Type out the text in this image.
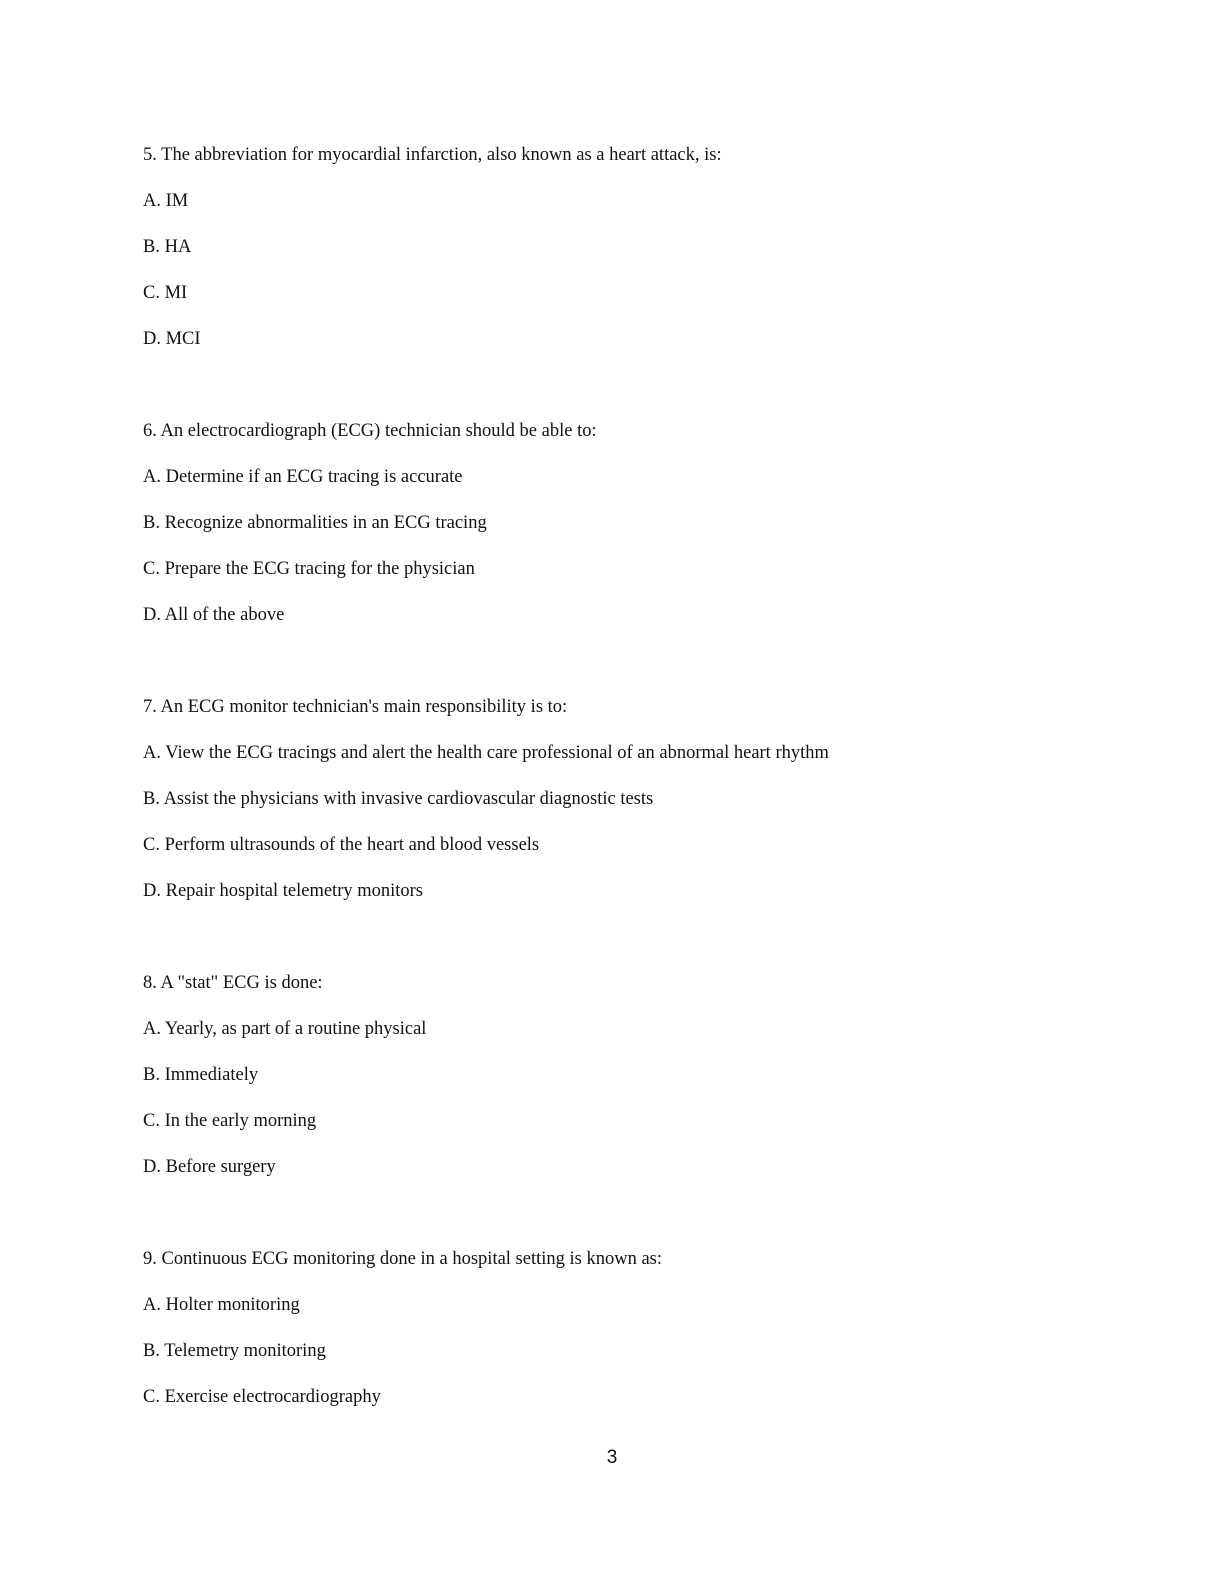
5. The abbreviation for myocardial infarction, also known as a heart attack, is:
A. IM
B. HA
C. MI
D. MCI
6. An electrocardiograph (ECG) technician should be able to:
A. Determine if an ECG tracing is accurate
B. Recognize abnormalities in an ECG tracing
C. Prepare the ECG tracing for the physician
D. All of the above
7. An ECG monitor technician's main responsibility is to:
A. View the ECG tracings and alert the health care professional of an abnormal heart rhythm
B. Assist the physicians with invasive cardiovascular diagnostic tests
C. Perform ultrasounds of the heart and blood vessels
D. Repair hospital telemetry monitors
8. A "stat" ECG is done:
A. Yearly, as part of a routine physical
B. Immediately
C. In the early morning
D. Before surgery
9. Continuous ECG monitoring done in a hospital setting is known as:
A. Holter monitoring
B. Telemetry monitoring
C. Exercise electrocardiography
3
